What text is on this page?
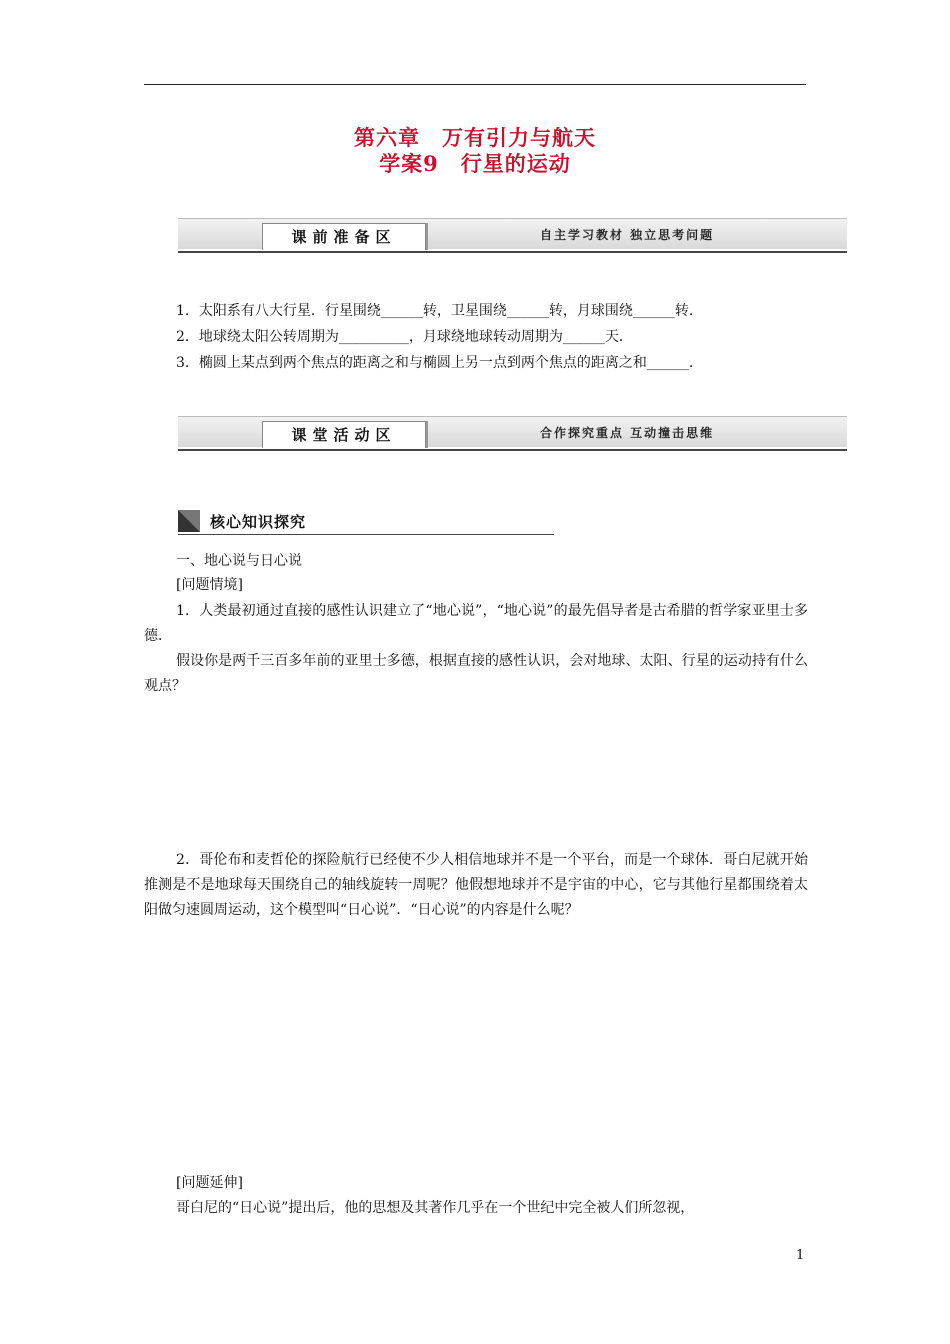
第六章　万有引力与航天
学案9　行星的运动
课前准备区	自主学习教材 独立思考问题
1．太阳系有八大行星．行星围绕______转，卫星围绕______转，月球围绕______转．
2．地球绕太阳公转周期为__________，月球绕地球转动周期为______天．
3．椭圆上某点到两个焦点的距离之和与椭圆上另一点到两个焦点的距离之和______．
课堂活动区	合作探究重点 互动撞击思维
核心知识探究
一、地心说与日心说
[问题情境]
1．人类最初通过直接的感性认识建立了“地心说”，“地心说”的最先倡导者是古希腊的哲学家亚里士多德．
假设你是两千三百多年前的亚里士多德，根据直接的感性认识，会对地球、太阳、行星的运动持有什么观点？
2．哥伦布和麦哲伦的探险航行已经使不少人相信地球并不是一个平台，而是一个球体．哥白尼就开始推测是不是地球每天围绕自己的轴线旋转一周呢？他假想地球并不是宇宙的中心，它与其他行星都围绕着太阳做匀速圆周运动，这个模型叫“日心说”．“日心说”的内容是什么呢？
[问题延伸]
哥白尼的“日心说”提出后，他的思想及其著作几乎在一个世纪中完全被人们所忽视，
1
